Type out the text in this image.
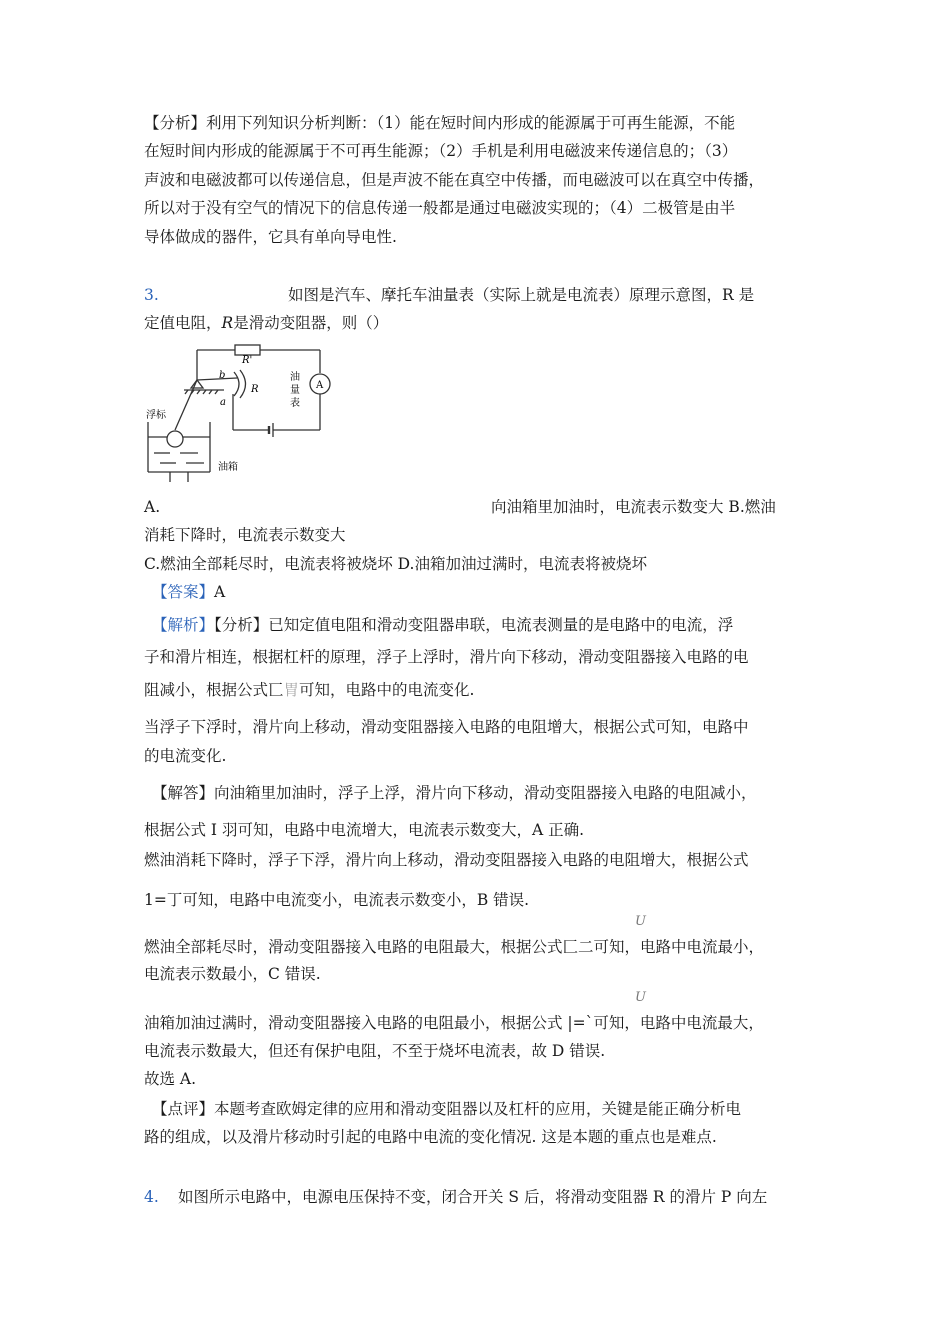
【分析】利用下列知识分析判断：（1）能在短时间内形成的能源属于可再生能源，不能
在短时间内形成的能源属于不可再生能源；（2）手机是利用电磁波来传递信息的；（3）
声波和电磁波都可以传递信息，但是声波不能在真空中传播，而电磁波可以在真空中传播，
所以对于没有空气的情况下的信息传递一般都是通过电磁波实现的；（4）二极管是由半
导体做成的器件，它具有单向导电性.
3.	如图是汽车、摩托车油量表（实际上就是电流表）原理示意图，R 是
定值电阻，R是滑动变阻器，则（）
R'
b
R
a
A
油
量
表
浮标
油箱
A.	向油箱里加油时，电流表示数变大 B.燃油
消耗下降时，电流表示数变大
C.燃油全部耗尽时，电流表将被烧坏 D.油箱加油过满时，电流表将被烧坏
【答案】A
【解析】【分析】已知定值电阻和滑动变阻器串联，电流表测量的是电路中的电流，浮
子和滑片相连，根据杠杆的原理，浮子上浮时，滑片向下移动，滑动变阻器接入电路的电
阻减小，根据公式匸胃可知，电路中的电流变化.
当浮子下浮时，滑片向上移动，滑动变阻器接入电路的电阻增大，根据公式可知，电路中
的电流变化.
【解答】向油箱里加油时，浮子上浮，滑片向下移动，滑动变阻器接入电路的电阻减小，
根据公式 I 羽可知，电路中电流增大，电流表示数变大，A 正确.
燃油消耗下降时，浮子下浮，滑片向上移动，滑动变阻器接入电路的电阻增大，根据公式
1=丁可知，电路中电流变小，电流表示数变小，B 错误.
U
燃油全部耗尽时，滑动变阻器接入电路的电阻最大，根据公式匚二可知，电路中电流最小，
电流表示数最小，C 错误.
U
油箱加油过满时，滑动变阻器接入电路的电阻最小，根据公式 |=`可知，电路中电流最大，
电流表示数最大，但还有保护电阻，不至于烧坏电流表，故 D 错误.
故选 A.
【点评】本题考查欧姆定律的应用和滑动变阻器以及杠杆的应用，关键是能正确分析电
路的组成，以及滑片移动时引起的电路中电流的变化情况. 这是本题的重点也是难点.
4. 如图所示电路中，电源电压保持不变，闭合开关 S 后，将滑动变阻器 R 的滑片 P 向左
